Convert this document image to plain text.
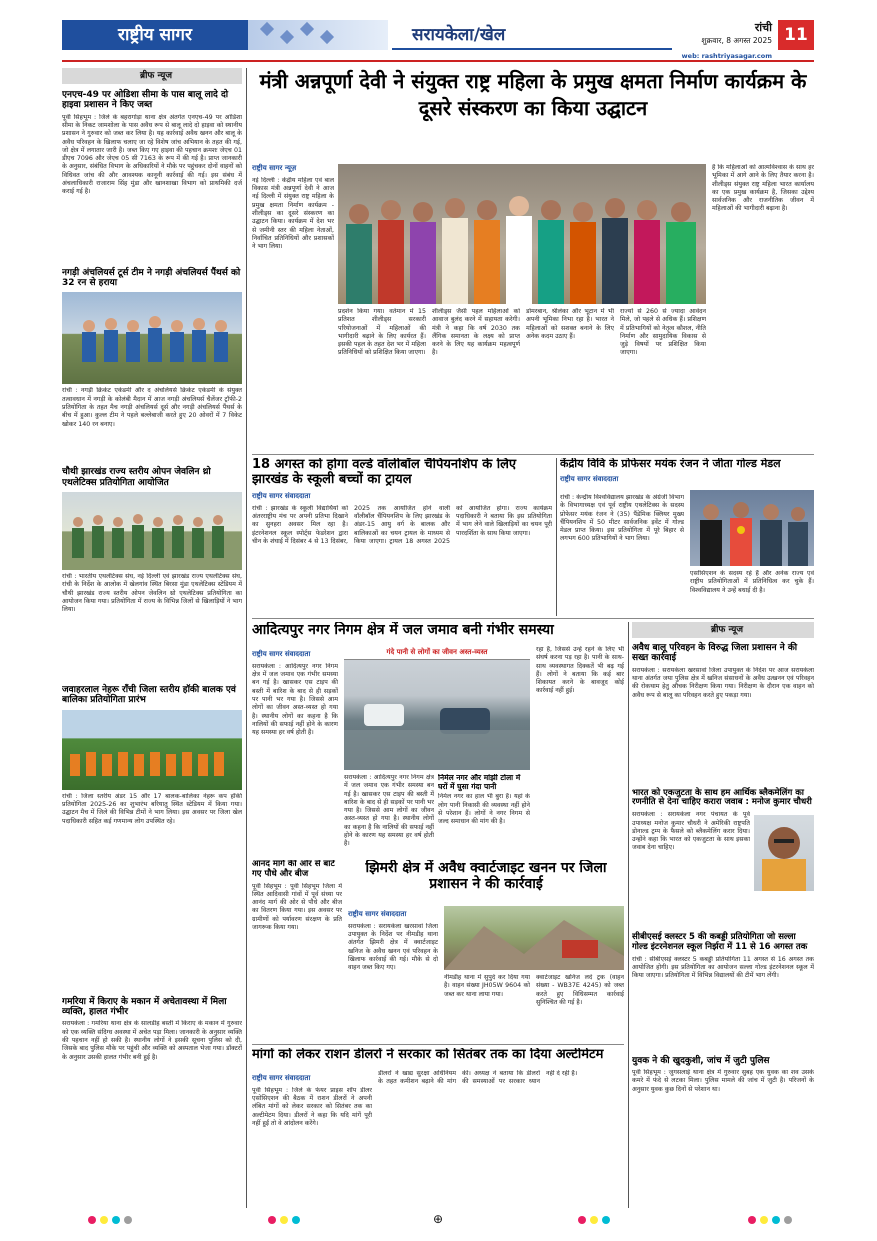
राष्ट्रीय सागर	सरायकेला/खेल	रांची
शुक्रवार, 8 अगस्त 2025
web: rashtriyasagar.com
11
ब्रीफ न्यूज
एनएच-49 पर ओडिशा सीमा के पास बालू लादे दो हाइवा प्रशासन ने किए जब्त
पूर्वी सिंहभूम : जिले के बहरागोड़ा थाना क्षेत्र अंतर्गत एनएच-49 पर ओडिशा सीमा के निकट जामशोला के पास अवैध रूप से बालू लादे दो हाइवा को स्थानीय प्रशासन ने गुरुवार को जब्त कर लिया है। यह कार्रवाई अवैध खनन और बालू के अवैध परिवहन के खिलाफ चलाए जा रहे विशेष जांच अभियान के तहत की गई, जो क्षेत्र में लगातार जारी है। जब्त किए गए हाइवा की पहचान क्रमशः जेएच 01 डीएच 7096 और जेएच 05 सी 7163 के रूप में की गई है। प्राप्त जानकारी के अनुसार, संबंधित विभाग के अधिकारियों ने मौके पर पहुंचकर दोनों वाहनों को विधिवत जांच की और आवश्यक कानूनी कार्रवाई की गई। इस संबंध में अंचलाधिकारी राजाराम सिंह मुंडा और खानशाखा विभाग को प्राथमिकी दर्ज कराई गई है।
नगड़ी अंचलियर्स टूर्स टीम ने नगड़ी अंचलियर्स पैंथर्स को 32 रन से हराया
रांची : नगड़ी क्रिकेट एकेडमी और द अंचलियर्स क्रिकेट एकेडमी के संयुक्त तत्वावधान में नगड़ी के कोलंबी मैदान में आज नगड़ी अंचलियर्स चैलेंजर ट्रॉफी-2 प्रतियोगिता के तहत मैच नगड़ी अंचलियर्स दूर्स और नगड़ी अंचलियर्स पैंथर्स के बीच में हुआ। कुल्ल टीम ने पहले बल्लेबाजी करते हुए 20 ओवरों में 7 विकेट खोकर 140 रन बनाए।
चौथी झारखंड राज्य स्तरीय ओपन जेवलिन थ्रो एथलेटिक्स प्रतियोगिता आयोजित
रांची : भारतीय एथलेटिक्स संघ, नई दिल्ली एवं झारखंड राज्य एथलेटिक्स संघ, रांची के निर्देश के आलोक में खेलगांव स्थित बिरसा मुंडा एथलेटिक्स स्टेडियम में चौथी झारखंड राज्य स्तरीय ओपन जेवलिन थ्रो एथलेटिक्स प्रतियोगिता का आयोजन किया गया। प्रतियोगिता में राज्य के विभिन्न जिलों से खिलाड़ियों ने भाग लिया।
जवाहरलाल नेहरू राँची जिला स्तरीय हॉकी बालक एवं बालिका प्रतियोगिता प्रारंभ
रांची : जिला स्तरीय अंडर 15 और 17 बालक-बालिका नेहरू कप हॉकी प्रतियोगिता 2025-26 का शुभारंभ बरियातु स्थित स्टेडियम में किया गया। उद्घाटन मैच में जिले की विभिन्न टीमों ने भाग लिया। इस अवसर पर जिला खेल पदाधिकारी सहित कई गणमान्य लोग उपस्थित रहे।
गमरिया में किराए के मकान में अचेतावस्था में मिला व्यक्ति, हालत गंभीर
सरायकेला : गमरिया थाना क्षेत्र के सालडीह बस्ती में किराए के मकान में गुरुवार को एक व्यक्ति संदिग्ध अवस्था में अचेत पड़ा मिला। जानकारी के अनुसार व्यक्ति की पहचान नहीं हो सकी है। स्थानीय लोगों ने इसकी सूचना पुलिस को दी, जिसके बाद पुलिस मौके पर पहुंची और व्यक्ति को अस्पताल भेजा गया। डॉक्टरों के अनुसार उसकी हालत गंभीर बनी हुई है।
मंत्री अन्नपूर्णा देवी ने संयुक्त राष्ट्र महिला के प्रमुख क्षमता निर्माण कार्यक्रम के दूसरे संस्करण का किया उद्घाटन
राष्ट्रीय सागर न्यूज़
नई दिल्ली : केंद्रीय महिला एवं बाल विकास मंत्री अन्नपूर्णा देवी ने आज नई दिल्ली में संयुक्त राष्ट्र महिला के प्रमुख क्षमता निर्माण कार्यक्रम - शीलीड्स का दूसरे संस्करण का उद्घाटन किया। कार्यक्रम में देश भर से जमीनी स्तर की महिला नेताओं, निर्वाचित प्रतिनिधियों और प्रशासकों ने भाग लिया।
प्रदर्शन किया गया। वर्तमान में 15 प्रतिशत शीलीड्स सरकारी परियोजनाओं में महिलाओं की भागीदारी बढ़ाने के लिए कार्यरत हैं। इसकी पहल के तहत देश भर में महिला प्रतिनिधियों को प्रशिक्षित किया जाएगा।
शीलीड्स जैसी पहल महिलाओं को आवाज बुलंद करने में सहायता करेगी। मंत्री ने कहा कि वर्ष 2030 तक लैंगिक समानता के लक्ष्य को प्राप्त करने के लिए यह कार्यक्रम महत्वपूर्ण है।
डोमरबान, श्रीलंका और भूटान में भी अपनी भूमिका निभा रहा है। भारत ने महिलाओं को सशक्त बनाने के लिए अनेक कदम उठाए हैं।
राज्यों से 260 से ज्यादा आवेदन मिले, जो पहले से अधिक हैं। प्रशिक्षण में प्रतिभागियों को नेतृत्व कौशल, नीति निर्माण और सामुदायिक विकास से जुड़े विषयों पर प्रशिक्षित किया जाएगा।
है कि महिलाओं को आत्मविश्वास के साथ हर भूमिका में आगे आने के लिए तैयार करना है। शीलीड्स संयुक्त राष्ट्र महिला भारत कार्यालय का एक प्रमुख कार्यक्रम है, जिसका उद्देश्य सार्वजनिक और राजनीतिक जीवन में महिलाओं की भागीदारी बढ़ाना है।
18 अगस्त को होगा वर्ल्ड वॉलीबॉल चैंपियनशिप के लिए झारखंड के स्कूली बच्चों का ट्रायल
राष्ट्रीय सागर संवाददाता
रांची : झारखंड के स्कूली विद्यार्थियों को अंतरराष्ट्रीय मंच पर अपनी प्रतिभा दिखाने का सुनहरा अवसर मिल रहा है। इंटरनेशनल स्कूल स्पोर्ट्स फेडरेशन द्वारा चीन के शंघाई में दिसंबर 4 से 13 दिसंबर, 2025 तक आयोजित होने वाली वॉलीबॉल चैंपियनशिप के लिए झारखंड के अंडर-15 आयु वर्ग के बालक और बालिकाओं का चयन ट्रायल के माध्यम से किया जाएगा। ट्रायल 18 अगस्त 2025 को आयोजित होगा। राज्य कार्यक्रम पदाधिकारी ने बताया कि इस प्रतियोगिता में भाग लेने वाले खिलाड़ियों का चयन पूरी पारदर्शिता के साथ किया जाएगा।
केंद्रीय विवि के प्रोफेसर मयंक रंजन ने जीता गोल्ड मेडल
राष्ट्रीय सागर संवाददाता
रांची : केन्द्रीय विश्वविद्यालय झारखंड के अंग्रेजी विभाग के विभागाध्यक्ष एवं पूर्व राष्ट्रीय एथलेटिक्स के सदस्य प्रोफेसर मयंक रंजन ने (35) पैंडेमिक क्लियर मुख्य चैंपियनशिप में 50 मीटर सार्वजनिक इवेंट में गोल्ड मेडल प्राप्त किया। इस प्रतियोगिता में पूरे बिहार से लगभग 600 प्रतिभागियों ने भाग लिया।
एसोसिएशन के सदस्य रहे हैं और अनेक राज्य एवं राष्ट्रीय प्रतियोगिताओं में प्रतिनिधित्व कर चुके हैं। विश्वविद्यालय ने उन्हें बधाई दी है।
आदित्यपुर नगर निगम क्षेत्र में जल जमाव बनी गंभीर समस्या
राष्ट्रीय सागर संवाददाता
सरायकेला : आदित्यपुर नगर निगम क्षेत्र में जल जमाव एक गंभीर समस्या बन गई है। खासकर एस टाइप की बस्ती में बारिश के बाद से ही सड़कों पर पानी भर गया है। जिससे आम लोगों का जीवन अस्त-व्यस्त हो गया है। स्थानीय लोगों का कहना है कि नालियों की सफाई नहीं होने के कारण यह समस्या हर वर्ष होती है।
गंदे पानी से लोगों का जीवन अस्त-व्यस्त
सरायकेला : आदित्यपुर नगर निगम क्षेत्र में जल जमाव एक गंभीर समस्या बन गई है। खासकर एस टाइप की बस्ती में बारिश के बाद से ही सड़कों पर पानी भर गया है। जिससे आम लोगों का जीवन अस्त-व्यस्त हो गया है। स्थानीय लोगों का कहना है कि नालियों की सफाई नहीं होने के कारण यह समस्या हर वर्ष होती है।
निर्मल नगर और मांझी टोला में घरों में घुसा गंदा पानी
निर्मल नगर का हाल भी बुरा है। यहां के लोग पानी निकासी की व्यवस्था नहीं होने से परेशान हैं। लोगों ने नगर निगम से जल्द समाधान की मांग की है।
रहा है, जिससे उन्हें रहने के लिए भी संघर्ष करना पड़ रहा है। पानी के साथ-साथ व्यवस्थागत दिक्कतें भी बढ़ गई हैं। लोगों ने बताया कि कई बार शिकायत करने के बावजूद कोई कार्रवाई नहीं हुई।
आनंद मार्ग की ओर से बांटे गए पौधे और बीज
पूर्वी सिंहभूम : पूर्वी सिंहभूम जिला में स्थित आदिवासी गांवों में पूर्व संध्या पर आनंद मार्ग की ओर से पौधे और बीज का वितरण किया गया। इस अवसर पर ग्रामीणों को पर्यावरण संरक्षण के प्रति जागरूक किया गया।
झिमरी क्षेत्र में अवैध क्वार्टजाइट खनन पर जिला प्रशासन ने की कार्रवाई
राष्ट्रीय सागर संवाददाता
सरायकेला : सरायकेला खरसावां जिला उपायुक्त के निर्देश पर नीमडीह थाना अंतर्गत झिमरी क्षेत्र में क्वार्टजाइट खनिज के अवैध खनन एवं परिवहन के खिलाफ कार्रवाई की गई। मौके से दो वाहन जब्त किए गए।
नीमडीह थाना में सुपुर्द कर दिया गया है। वाहन संख्या JH05W 9604 को जब्त कर थाना लाया गया।
क्वार्टजाइट खनिज लदे ट्रक (वाहन संख्या - WB37E 4245) को जब्त करते हुए विधिसम्मत कार्रवाई सुनिश्चित की गई है।
मांगों को लेकर राशन डीलरों ने सरकार को सितंबर तक का दिया अल्टीमेटम
राष्ट्रीय सागर संवाददाता
पूर्वी सिंहभूम : जिले के फेयर प्राइस शॉप डीलर एसोसिएशन की बैठक में राशन डीलरों ने अपनी लंबित मांगों को लेकर सरकार को सितंबर तक का अल्टीमेटम दिया। डीलरों ने कहा कि यदि मांगें पूरी नहीं हुईं तो वे आंदोलन करेंगे।
डीलरों ने खाद्य सुरक्षा अधिनियम के तहत कमीशन बढ़ाने की मांग की। अध्यक्ष ने बताया कि डीलरों की समस्याओं पर सरकार ध्यान नहीं दे रही है।
ब्रीफ न्यूज
अवैध बालू परिवहन के विरुद्ध जिला प्रशासन ने की सख्त कार्रवाई
सरायकेला : सरायकेला खरसावां जिला उपायुक्त के निर्देश पर आज सरायकेला थाना अंतर्गत जया पुलिस क्षेत्र में खनिज संसाधनों के अवैध उत्खनन एवं परिवहन की रोकथाम हेतु औचक निरीक्षण किया गया। निरीक्षण के दौरान एक वाहन को अवैध रूप से बालू का परिवहन करते हुए पकड़ा गया।
भारत को एकजुटता के साथ हम आर्थिक ब्लैकमेलिंग का रणनीति से देना चाहिए करारा जवाब : मनोज कुमार चौधरी
सरायकेला : सरायकेला नगर पंचायत के पूर्व उपाध्यक्ष मनोज कुमार चौधरी ने अमेरिकी राष्ट्रपति डोनाल्ड ट्रम्प के फैसले को ब्लैकमेलिंग करार दिया। उन्होंने कहा कि भारत को एकजुटता के साथ इसका जवाब देना चाहिए।
सीबीएसई क्लस्टर 5 की कबड्डी प्रतियोगिता जो सल्ला गोल्ड इंटरनेशनल स्कूल निर्झरा में 11 से 16 अगस्त तक
रांची : सीबीएसई क्लस्टर 5 कबड्डी प्रतियोगिता 11 अगस्त से 16 अगस्त तक आयोजित होगी। इस प्रतियोगिता का आयोजन सल्ला गोल्ड इंटरनेशनल स्कूल में किया जाएगा। प्रतियोगिता में विभिन्न विद्यालयों की टीमें भाग लेंगी।
युवक ने की खुदकुशी, जांच में जुटी पुलिस
पूर्वी सिंहभूम : जुगसलाई थाना क्षेत्र में गुरुवार सुबह एक युवक का शव उसके कमरे में फंदे से लटका मिला। पुलिस मामले की जांच में जुटी है। परिजनों के अनुसार युवक कुछ दिनों से परेशान था।
⊕
